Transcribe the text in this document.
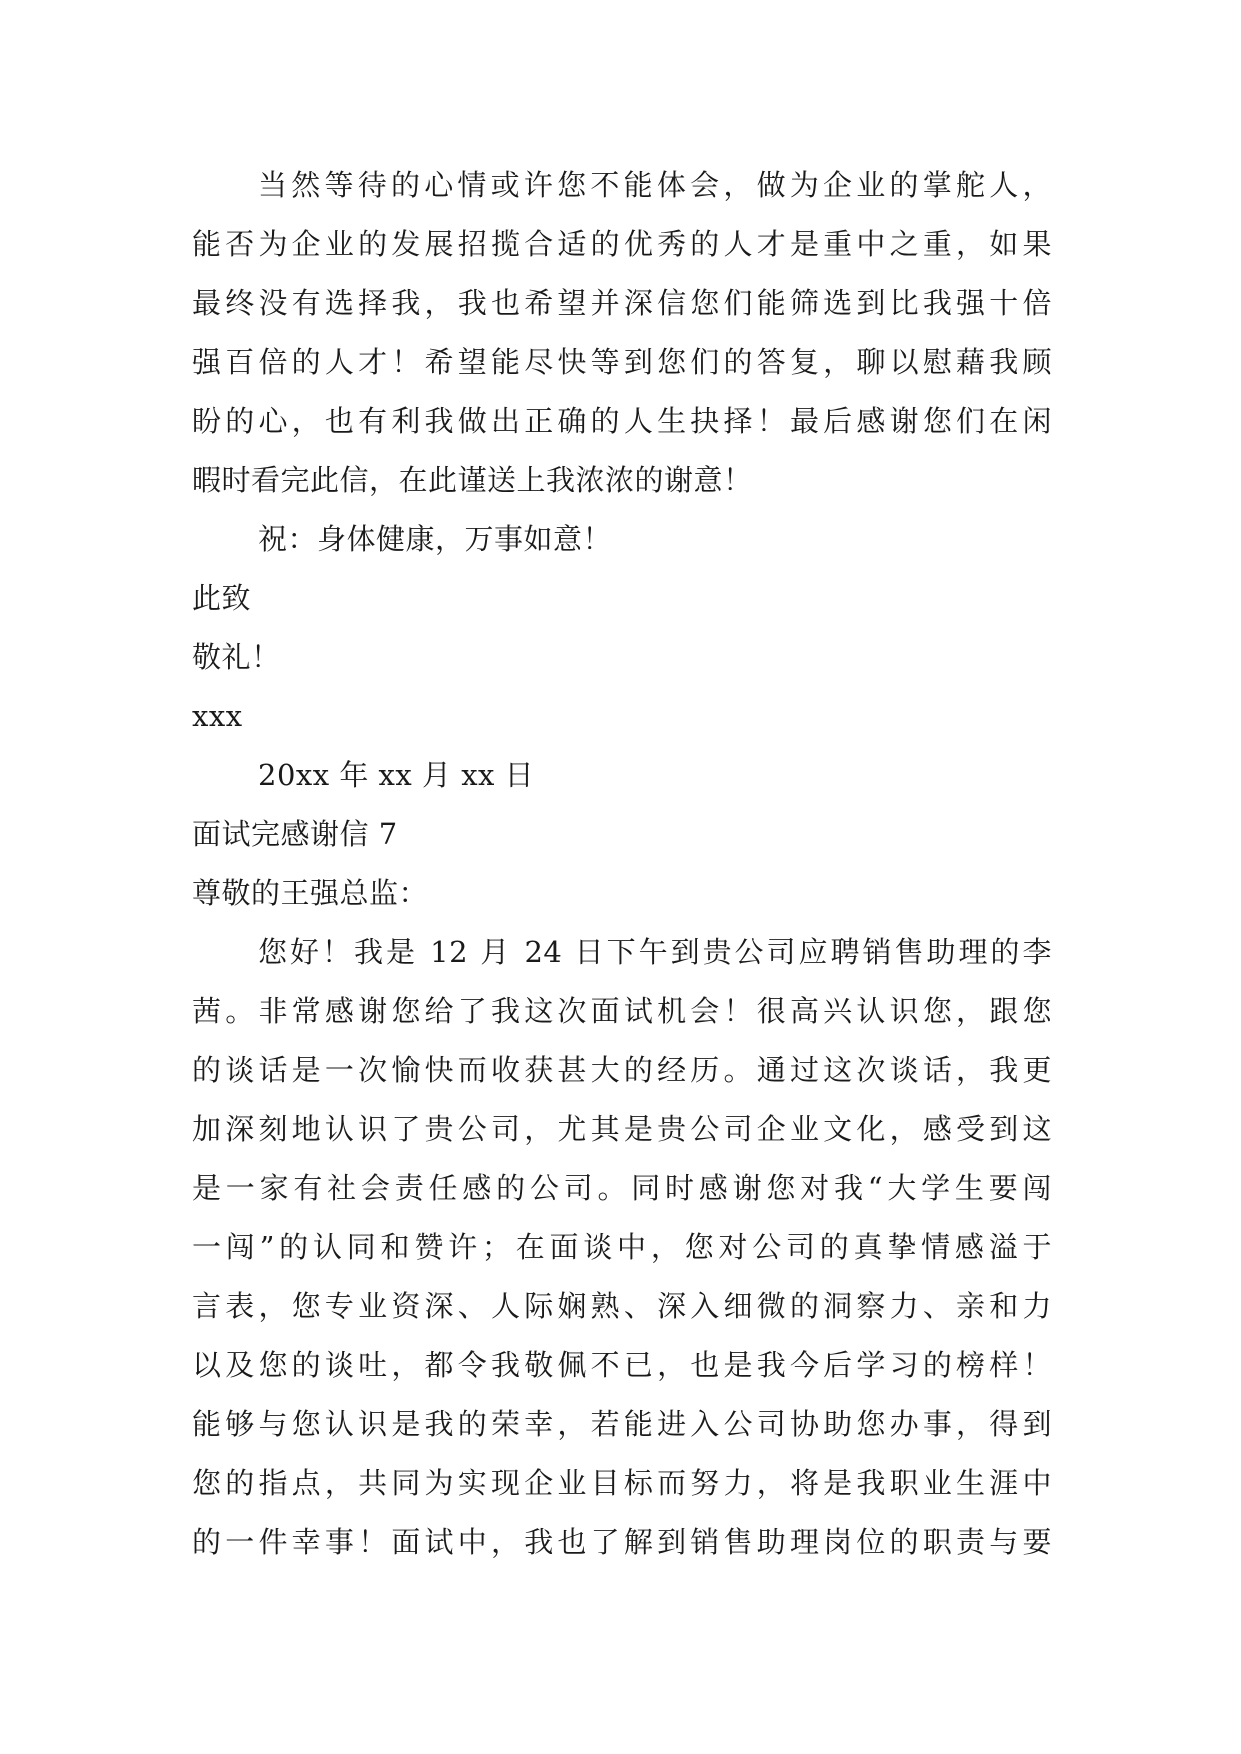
当然等待的心情或许您不能体会，做为企业的掌舵人，
能否为企业的发展招揽合适的优秀的人才是重中之重，如果
最终没有选择我，我也希望并深信您们能筛选到比我强十倍
强百倍的人才！希望能尽快等到您们的答复，聊以慰藉我顾
盼的心，也有利我做出正确的人生抉择！最后感谢您们在闲
暇时看完此信，在此谨送上我浓浓的谢意！
祝：身体健康，万事如意！
此致
敬礼！
xxx
20xx 年 xx 月 xx 日
面试完感谢信 7
尊敬的王强总监：
您好！我是 12 月 24 日下午到贵公司应聘销售助理的李
茜。非常感谢您给了我这次面试机会！很高兴认识您，跟您
的谈话是一次愉快而收获甚大的经历。通过这次谈话，我更
加深刻地认识了贵公司，尤其是贵公司企业文化，感受到这
是一家有社会责任感的公司。同时感谢您对我“大学生要闯
一闯”的认同和赞许；在面谈中，您对公司的真挚情感溢于
言表，您专业资深、人际娴熟、深入细微的洞察力、亲和力
以及您的谈吐，都令我敬佩不已，也是我今后学习的榜样！
能够与您认识是我的荣幸，若能进入公司协助您办事，得到
您的指点，共同为实现企业目标而努力，将是我职业生涯中
的一件幸事！面试中，我也了解到销售助理岗位的职责与要
